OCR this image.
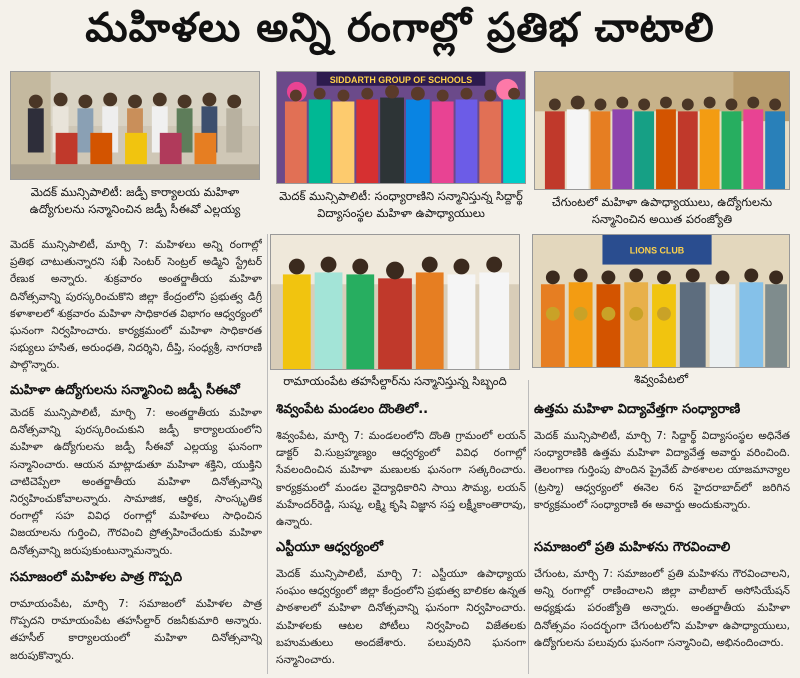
మహిళలు అన్ని రంగాల్లో ప్రతిభ చాటాలి
SIDDARTH GROUP OF SCHOOLS
మెదక్ మున్సిపాలిటీ: జడ్పీ కార్యాలయ మహిళా ఉద్యోగులను సన్మానించిన జడ్పీ సీఈవో ఎల్లయ్య
మెదక్ మున్సిపాలిటీ: సంధ్యారాణిని సన్మానిస్తున్న సిద్దార్థ్ విద్యాసంస్థల మహిళా ఉపాధ్యాయులు
చేగుంటలో మహిళా ఉపాధ్యాయులు, ఉద్యోగులను సన్మానించిన అయిత పరంజ్యోతి
మెదక్ మున్సిపాలిటీ, మార్చి 7: మహిళలు అన్ని రంగాల్లో ప్రతిభ చాటుతున్నారని సఖీ సెంటర్ సెంట్రల్ అడ్మిని స్ట్రేటర్ రేణుక అన్నారు. శుక్రవారం అంతర్జాతీయ మహిళా దినోత్సవాన్ని పురస్కరించుకొని జిల్లా కేంద్రంలోని ప్రభుత్వ డిగ్రీ కళాశాలలో శుక్రవారం మహిళా సాధికారత విభాగం ఆధ్వర్యంలో ఘనంగా నిర్వహించారు. కార్యక్రమంలో మహిళా సాధికారత సభ్యులు హసిత, అరుంధతి, నిదర్శిని, దీప్తి, సంధ్యశ్రీ, నాగరాణి పాల్గొన్నారు.
LIONS CLUB
రామాయంపేట తహసీల్దార్‌ను సన్మానిస్తున్న సిబ్బంది	శివ్వంపేటలో
మహిళా ఉద్యోగులను సన్మానించి జడ్పీ సీఈవో
మెదక్ మున్సిపాలిటీ, మార్చి 7: అంతర్జాతీయ మహిళా దినోత్సవాన్ని పురస్కరించుకుని జడ్పీ కార్యాలయంలోని మహిళా ఉద్యోగులను జడ్పీ సీఈవో ఎల్లయ్య ఘనంగా సన్మానించారు. ఆయన మాట్లాడుతూ మహిళా శక్తిని, యుక్తిని చాటిచెప్పేలా అంతర్జాతీయ మహిళా దినోత్సవాన్ని నిర్వహించుకోవాలన్నారు. సామాజిక, ఆర్థిక, సాంస్కృతిక రంగాల్లో సహ వివిధ రంగాల్లో మహిళలు సాధించిన విజయాలను గుర్తించి, గౌరవించి ప్రోత్సహించేందుకు మహిళా దినోత్సవాన్ని జరుపుకుంటున్నామన్నారు.
సమాజంలో మహిళల పాత్ర గొప్పది
రామాయంపేట, మార్చి 7: సమాజంలో మహిళల పాత్ర గొప్పదని రామాయంపేట తహసీల్దార్ రజనీకుమారి అన్నారు. తహసీల్ కార్యాలయంలో మహిళా దినోత్సవాన్ని జరుపుకొన్నారు.
శివ్వంపేట మండలం దొంతిలో..
శివ్వంపేట, మార్చి 7: మండలంలోని దొంతి గ్రామంలో లయన్ డాక్టర్ వి.సుబ్రహ్మణ్యం ఆధ్వర్యంలో వివిధ రంగాల్లో సేవలందించిన మహిళా మణులకు ఘనంగా సత్కరించారు. కార్యక్రమంలో మండల వైద్యాధికారిని సాయి సౌమ్య, లయన్ మహేందర్‌రెడ్డి, సుష్మ, లక్ష్మి కృషి విజ్ఞాన సప్త లక్ష్మీకాంతారావు, ఉన్నారు.
ఎస్టీయూ ఆధ్వర్యంలో
మెదక్ మున్సిపాలిటీ, మార్చి 7: ఎస్టీయూ ఉపాధ్యాయ సంఘం ఆధ్వర్యంలో జిల్లా కేంద్రంలోని ప్రభుత్వ బాలికల ఉన్నత పాఠశాలలో మహిళా దినోత్సవాన్ని ఘనంగా నిర్వహించారు. మహిళలకు ఆటల పోటీలు నిర్వహించి విజేతలకు బహుమతులు అందజేశారు. పలువురిని ఘనంగా సన్మానించారు.
ఉత్తమ మహిళా విద్యావేత్తగా సంధ్యారాణి
మెదక్ మున్సిపాలిటీ, మార్చి 7: సిద్దార్థ్ విద్యాసంస్థల అధినేత సంధ్యారాణికి ఉత్తమ మహిళా విద్యావేత్త అవార్డు వరించింది. తెలంగాణ గుర్తింపు పొందిన ప్రైవేట్ పాఠశాలల యాజమాన్యాల (ట్రస్మా) ఆధ్వర్యంలో ఈనెల 6న హైదరాబాద్‌లో జరిగిన కార్యక్రమంలో సంధ్యారాణి ఈ అవార్డు అందుకున్నారు.
సమాజంలో ప్రతి మహిళను గౌరవించాలి
చేగుంట, మార్చి 7: సమాజంలో ప్రతి మహిళను గౌరవించాలని, అన్ని రంగాల్లో రాణించాలని జిల్లా వాలీబాల్ అసోసియేషన్ అధ్యక్షుడు పరంజ్యోతి అన్నారు. అంతర్జాతీయ మహిళా దినోత్సవం సందర్భంగా చేగుంటలోని మహిళా ఉపాధ్యాయులు, ఉద్యోగులను పలువురు ఘనంగా సన్మానించి, అభినందించారు.
